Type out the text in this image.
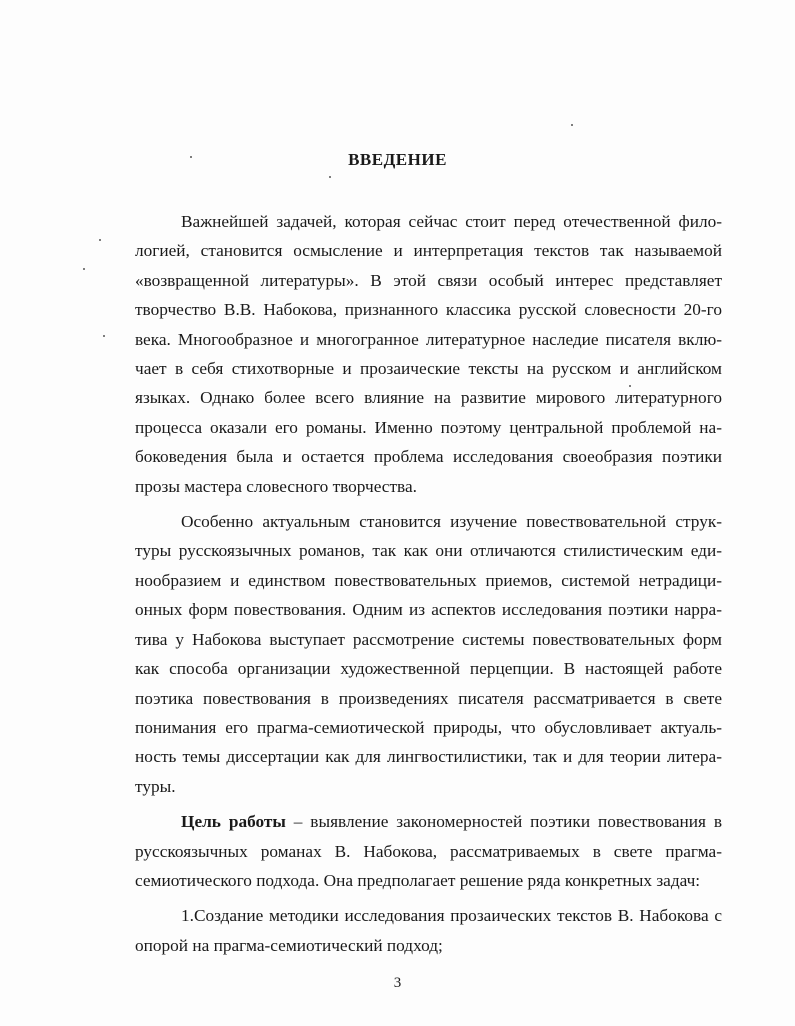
ВВЕДЕНИЕ

Важнейшей задачей, которая сейчас стоит перед отечественной филологией, становится осмысление и интерпретация текстов так называемой «возвращенной литературы». В этой связи особый интерес представляет творчество В.В. Набокова, признанного классика русской словесности 20-го века. Многообразное и многогранное литературное наследие писателя включает в себя стихотворные и прозаические тексты на русском и английском языках. Однако более всего влияние на развитие мирового литературного процесса оказали его романы. Именно поэтому центральной проблемой набоковедения была и остается проблема исследования своеобразия поэтики прозы мастера словесного творчества.

Особенно актуальным становится изучение повествовательной структуры русскоязычных романов, так как они отличаются стилистическим единообразием и единством повествовательных приемов, системой нетрадиционных форм повествования. Одним из аспектов исследования поэтики нарратива у Набокова выступает рассмотрение системы повествовательных форм как способа организации художественной перцепции. В настоящей работе поэтика повествования в произведениях писателя рассматривается в свете понимания его прагма-семиотической природы, что обусловливает актуальность темы диссертации как для лингвостилистики, так и для теории литературы.

Цель работы – выявление закономерностей поэтики повествования в русскоязычных романах В. Набокова, рассматриваемых в свете прагма-семиотического подхода. Она предполагает решение ряда конкретных задач:

1.Создание методики исследования прозаических текстов В. Набокова с опорой на прагма-семиотический подход;

3
